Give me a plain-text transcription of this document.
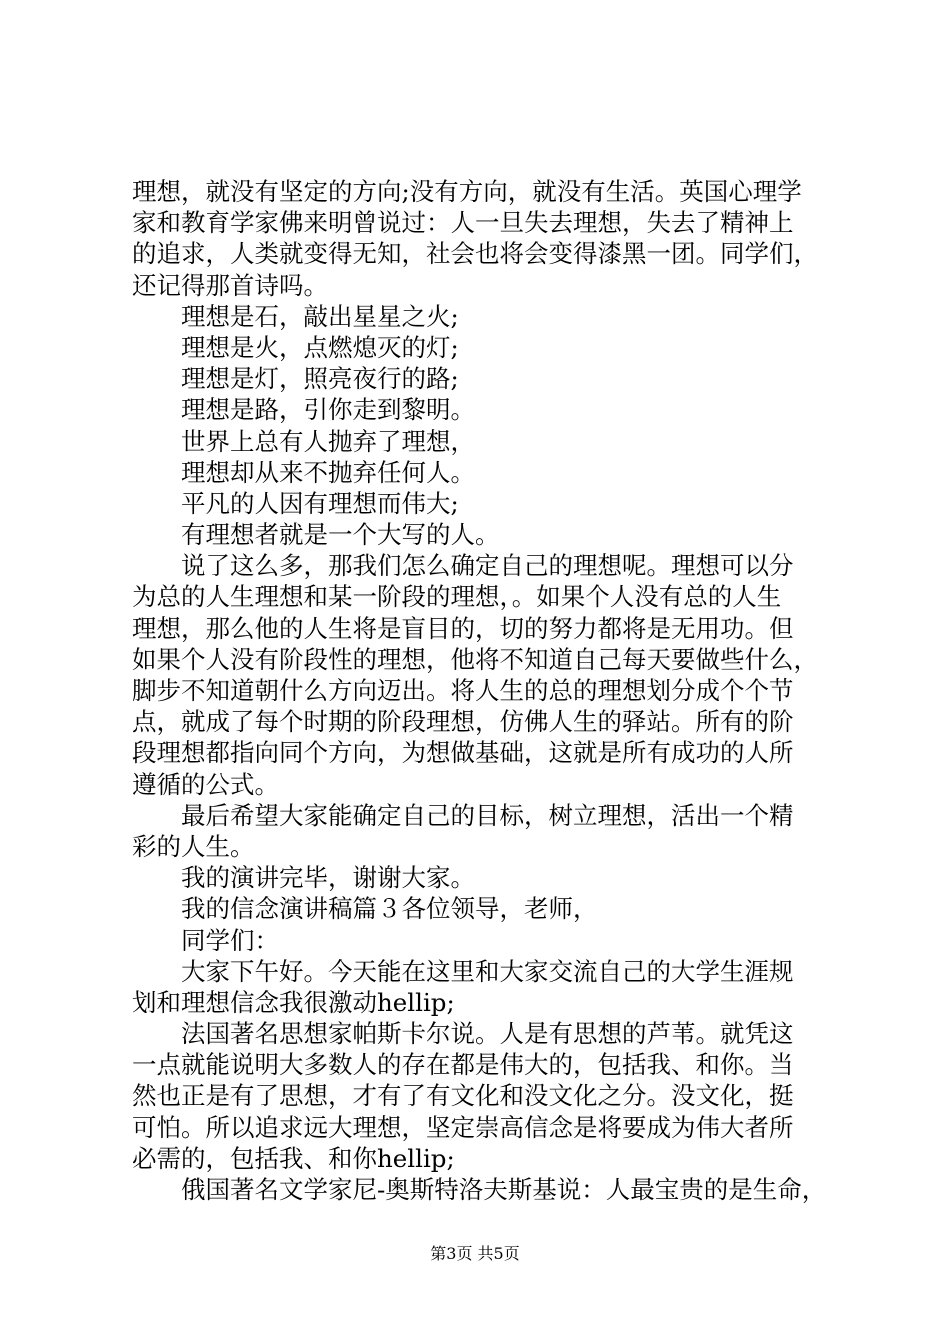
理想，就没有坚定的方向;没有方向，就没有生活。英国心理学
家和教育学家佛来明曾说过：人一旦失去理想，失去了精神上
的追求，人类就变得无知，社会也将会变得漆黑一团。同学们，
还记得那首诗吗。
理想是石，敲出星星之火;
理想是火，点燃熄灭的灯;
理想是灯，照亮夜行的路;
理想是路，引你走到黎明。
世界上总有人抛弃了理想，
理想却从来不抛弃任何人。
平凡的人因有理想而伟大;
有理想者就是一个大写的人。
说了这么多，那我们怎么确定自己的理想呢。理想可以分
为总的人生理想和某一阶段的理想，。如果个人没有总的人生
理想，那么他的人生将是盲目的，切的努力都将是无用功。但
如果个人没有阶段性的理想，他将不知道自己每天要做些什么，
脚步不知道朝什么方向迈出。将人生的总的理想划分成个个节
点，就成了每个时期的阶段理想，仿佛人生的驿站。所有的阶
段理想都指向同个方向，为想做基础，这就是所有成功的人所
遵循的公式。
最后希望大家能确定自己的目标，树立理想，活出一个精
彩的人生。
我的演讲完毕，谢谢大家。
我的信念演讲稿篇３各位领导，老师，
同学们：
大家下午好。今天能在这里和大家交流自己的大学生涯规
划和理想信念我很激动hellip;
法国著名思想家帕斯卡尔说。人是有思想的芦苇。就凭这
一点就能说明大多数人的存在都是伟大的，包括我、和你。当
然也正是有了思想，才有了有文化和没文化之分。没文化，挺
可怕。所以追求远大理想，坚定崇高信念是将要成为伟大者所
必需的，包括我、和你hellip;
俄国著名文学家尼-奥斯特洛夫斯基说：人最宝贵的是生命，
第3页 共5页
